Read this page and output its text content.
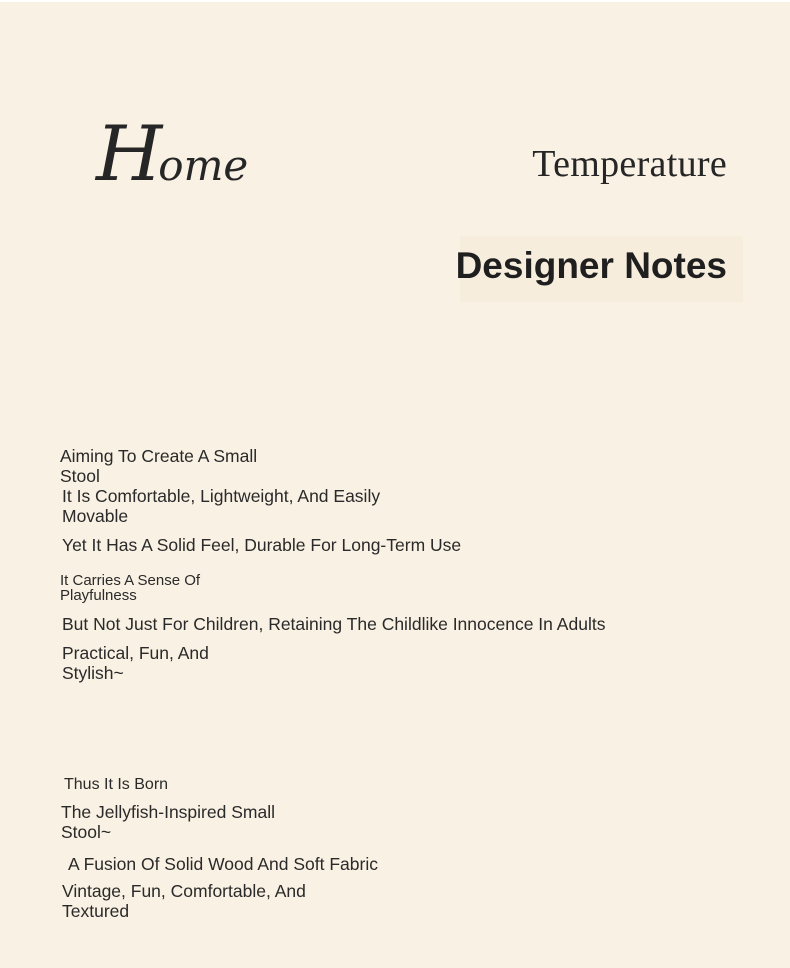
Home	Temperature
Designer Notes
Aiming To Create A Small Stool
It Is Comfortable, Lightweight, And Easily Movable
Yet It Has A Solid Feel, Durable For Long-Term Use
It Carries A Sense Of Playfulness
But Not Just For Children, Retaining The Childlike Innocence In Adults
Practical, Fun, And Stylish~
Thus It Is Born
The Jellyfish-Inspired Small Stool~
A Fusion Of Solid Wood And Soft Fabric
Vintage, Fun, Comfortable, And Textured
